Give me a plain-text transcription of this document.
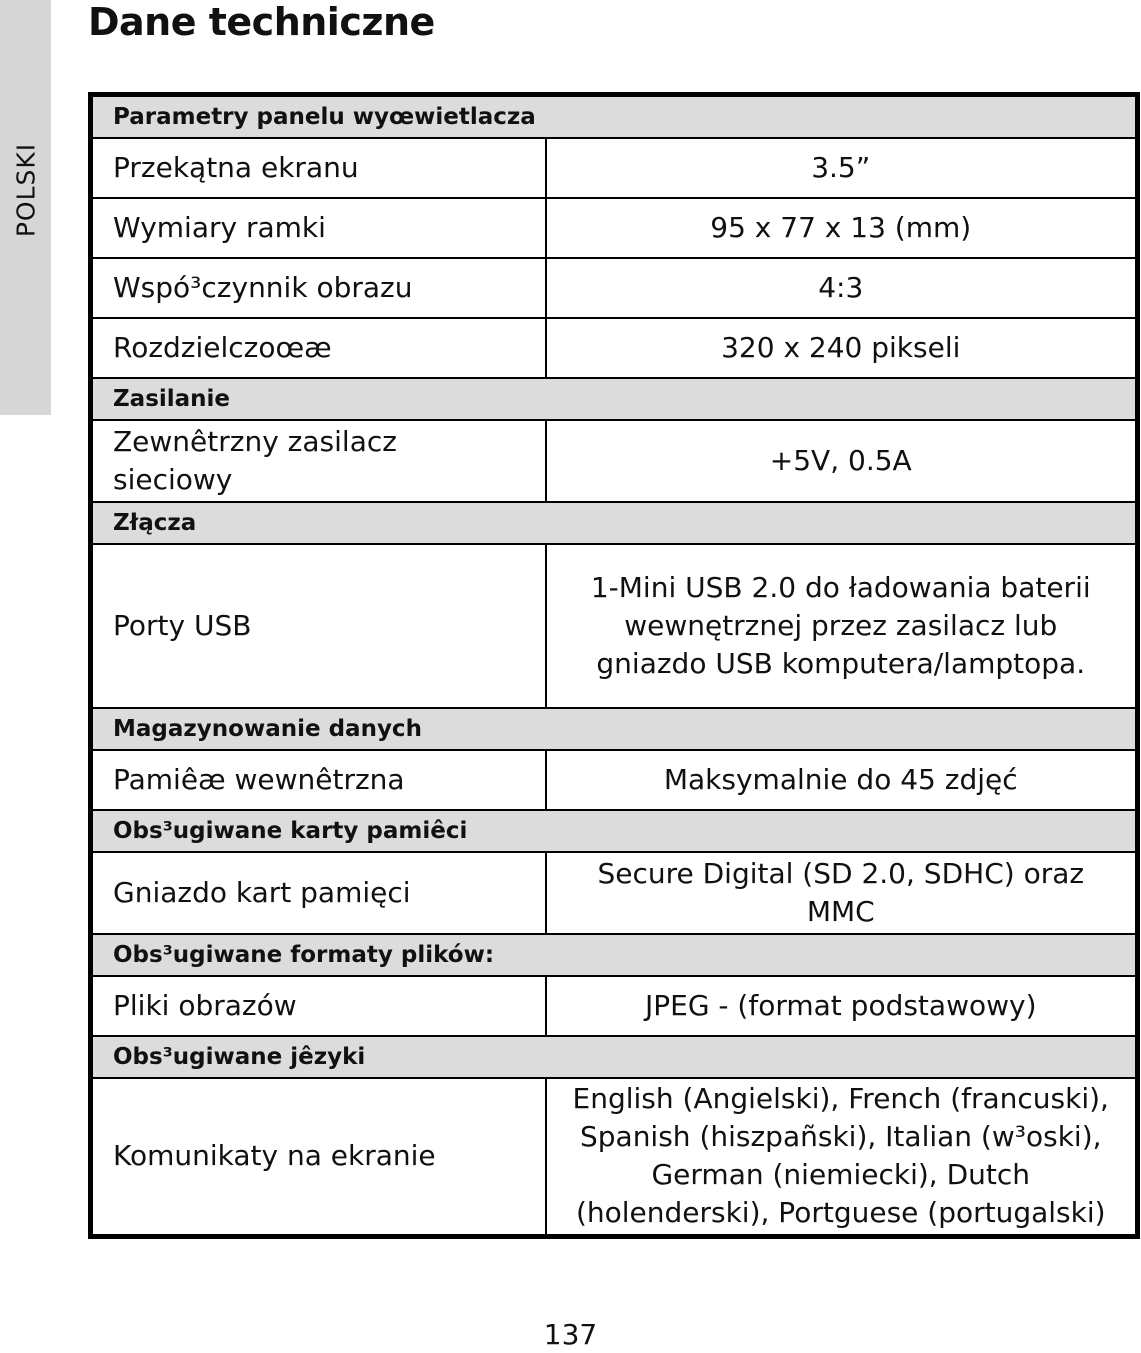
POLSKI
Dane techniczne
Parametry panelu wyœwietlacza	
Przekątna ekranu	3.5”
Wymiary ramki	95 x 77 x 13 (mm)
Wspó³czynnik obrazu	4:3
Rozdzielczoœæ	320 x 240 pikseli
Zasilanie	
Zewnêtrzny zasilacz sieciowy	+5V, 0.5A
Złącza	
Porty USB	1-Mini USB 2.0 do ładowania baterii wewnętrznej przez zasilacz lub gniazdo USB komputera/lamptopa.
Magazynowanie danych	
Pamiêæ wewnêtrzna	Maksymalnie do 45 zdjęć
Obs³ugiwane karty pamiêci	
Gniazdo kart pamięci	Secure Digital (SD 2.0, SDHC) oraz MMC
Obs³ugiwane formaty plików:	
Pliki obrazów	JPEG - (format podstawowy)
Obs³ugiwane jêzyki	
Komunikaty na ekranie	English (Angielski), French (francuski), Spanish (hiszpañski), Italian (w³oski), German (niemiecki), Dutch (holenderski), Portguese (portugalski)
137
